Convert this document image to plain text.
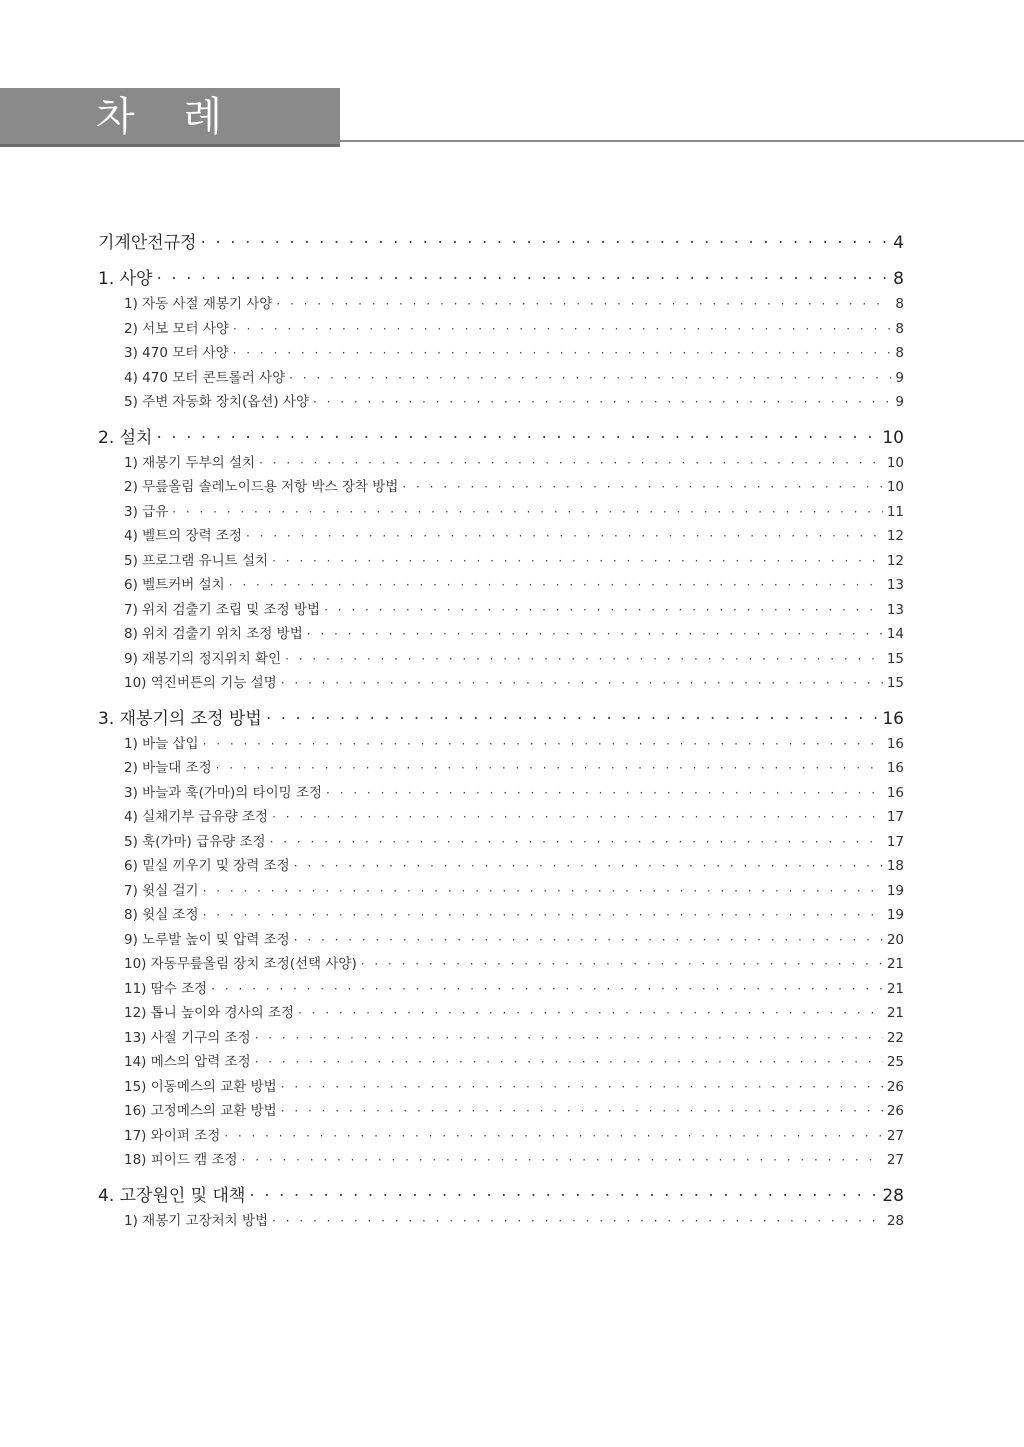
차 례
기계안전규정 · · ·	4
1. 사양 · · ·	8
1) 자동 사절 재봉기 사양 · · ·	8
2) 서보 모터 사양 · · ·	8
3) 470 모터 사양 · · ·	8
4) 470 모터 콘트롤러 사양 · · ·	9
5) 주변 자동화 장치(옵션) 사양 · · ·	9
2. 설치 · · ·	10
1) 재봉기 두부의 설치 · · ·	10
2) 무릎올림 솔레노이드용 저항 박스 장착 방법 · · ·	10
3) 급유 · · ·	11
4) 벨트의 장력 조정 · · ·	12
5) 프로그램 유니트 설치 · · ·	12
6) 벨트커버 설치 · · ·	13
7) 위치 검출기 조립 및 조정 방법 · · ·	13
8) 위치 검출기 위치 조정 방법 · · ·	14
9) 재봉기의 정지위치 확인 · · ·	15
10) 역진버튼의 기능 설명 · · ·	15
3. 재봉기의 조정 방법 · · ·	16
1) 바늘 삽입 · · ·	16
2) 바늘대 조정 · · ·	16
3) 바늘과 훅(가마)의 타이밍 조정 · · ·	16
4) 실채기부 급유량 조정 · · ·	17
5) 훅(가마) 급유량 조정 · · ·	17
6) 밑실 끼우기 및 장력 조정 · · ·	18
7) 윗실 걸기 · · ·	19
8) 윗실 조정 · · ·	19
9) 노루발 높이 및 압력 조정 · · ·	20
10) 자동무릎올림 장치 조정(선택 사양) · · ·	21
11) 땀수 조정 · · ·	21
12) 톱니 높이와 경사의 조정 · · ·	21
13) 사절 기구의 조정 · · ·	22
14) 메스의 압력 조정 · · ·	25
15) 이동메스의 교환 방법 · · ·	26
16) 고정메스의 교환 방법 · · ·	26
17) 와이퍼 조정 · · ·	27
18) 피이드 캠 조정 · · ·	27
4. 고장원인 및 대책 · · ·	28
1) 재봉기 고장처치 방법 · · ·	28
